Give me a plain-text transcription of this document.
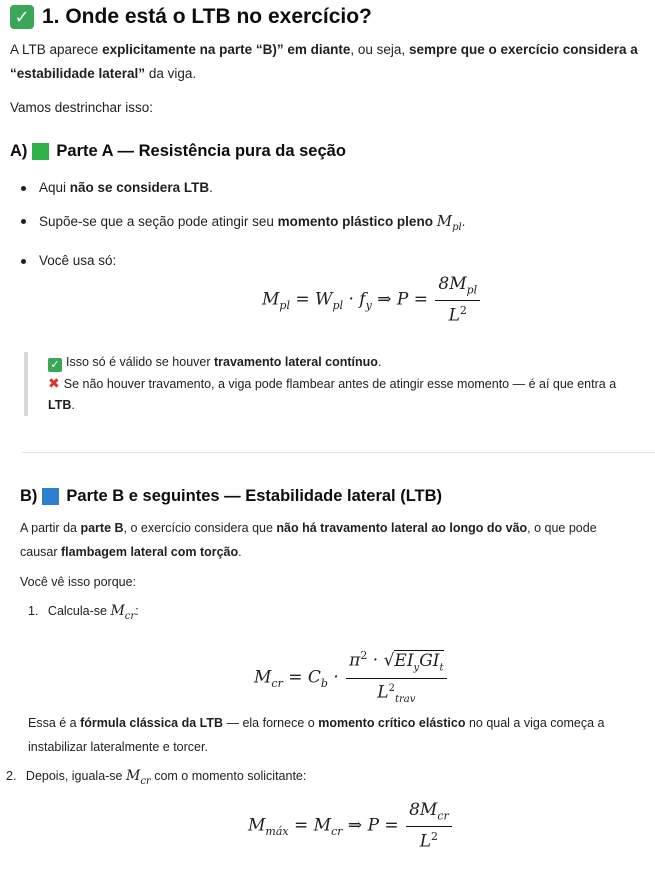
✓ 1. Onde está o LTB no exercício?

A LTB aparece explicitamente na parte “B)” em diante, ou seja, sempre que o exercício considera a “estabilidade lateral” da viga.

Vamos destrinchar isso:

A) Parte A — Resistência pura da seção
Aqui não se considera LTB.
Supõe-se que a seção pode atingir seu momento plástico pleno $M_{pl}$.
Você usa só:
$M_{pl} = W_{pl} \cdot f_y$ ⇒ $P = \frac{8M_{pl}}{L^2}$
✓ Isso só é válido se houver travamento lateral contínuo.
✖ Se não houver travamento, a viga pode flambear antes de atingir esse momento — é aí que entra a
LTB.
B) Parte B e seguintes — Estabilidade lateral (LTB)

A partir da parte B, o exercício considera que não há travamento lateral ao longo do vão, o que pode
causar flambagem lateral com torção.

Você vê isso porque:

1. Calcula-se $M_{cr}$:
$M_{cr} = C_b \cdot \frac{\pi^2 \cdot √EI_yGI_t}{L^2_{trav}}$

Essa é a fórmula clássica da LTB — ela fornece o momento crítico elástico no qual a viga começa a
instabilizar lateralmente e torcer.

2. Depois, iguala-se $M_{cr}$ com o momento solicitante:
$M_{máx} = M_{cr}$ ⇒ $P = \frac{8M_{cr}}{L^2}$
